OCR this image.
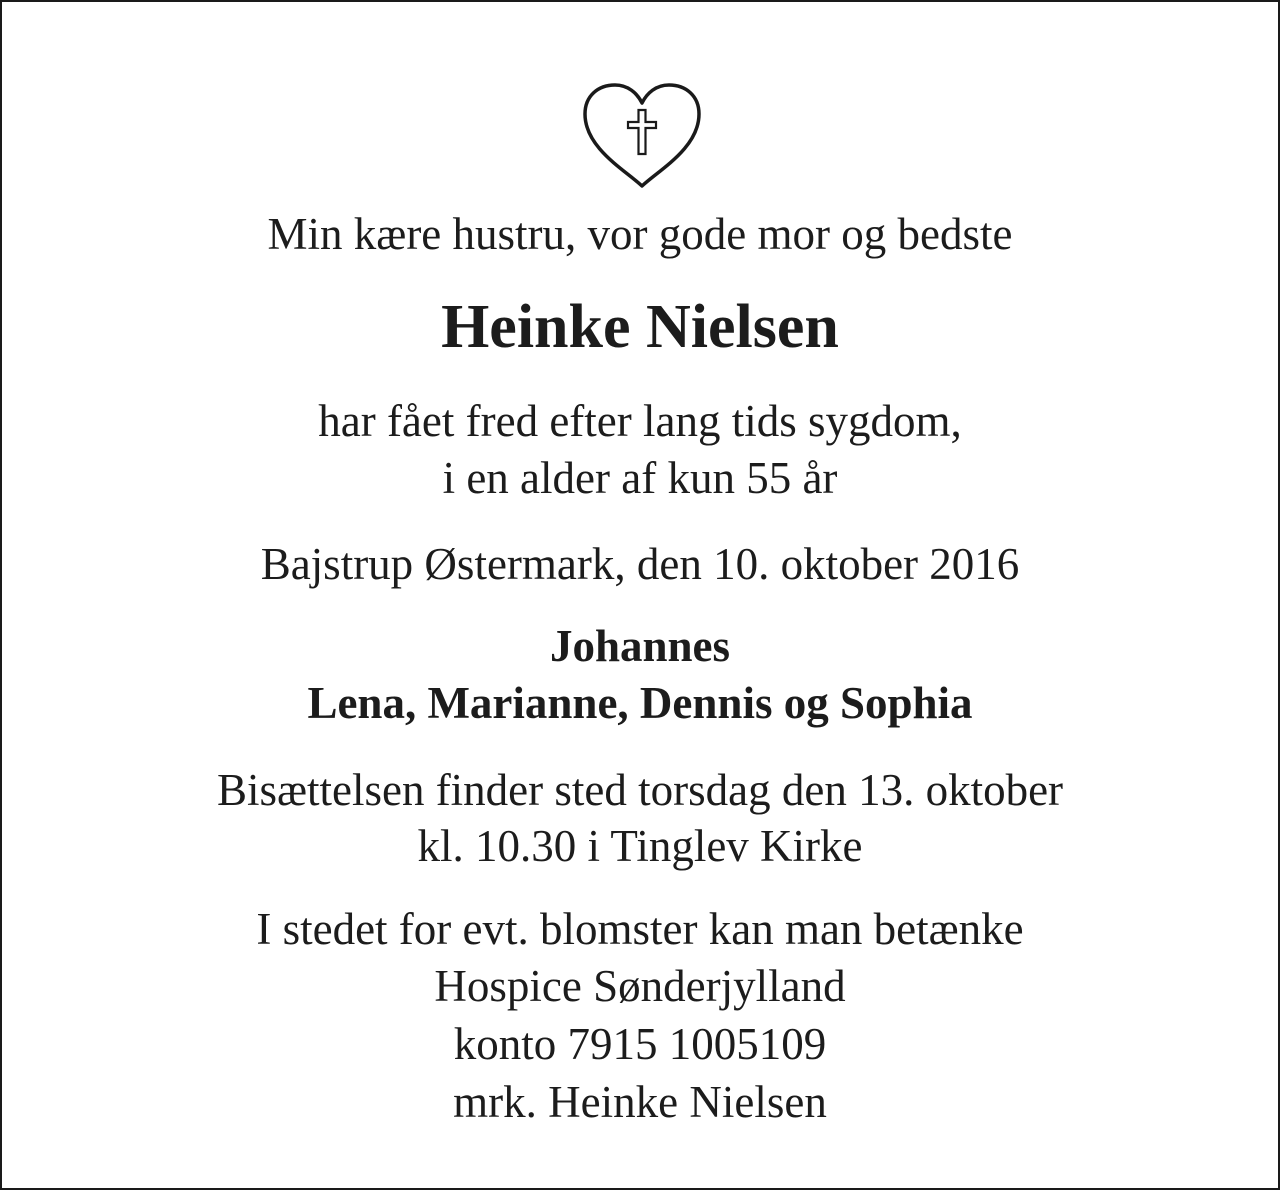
Min kære hustru, vor gode mor og bedste
Heinke Nielsen
har fået fred efter lang tids sygdom,
i en alder af kun 55 år
Bajstrup Østermark, den 10. oktober 2016
Johannes
Lena, Marianne, Dennis og Sophia
Bisættelsen finder sted torsdag den 13. oktober
kl. 10.30 i Tinglev Kirke
I stedet for evt. blomster kan man betænke
Hospice Sønderjylland
konto 7915 1005109
mrk. Heinke Nielsen
